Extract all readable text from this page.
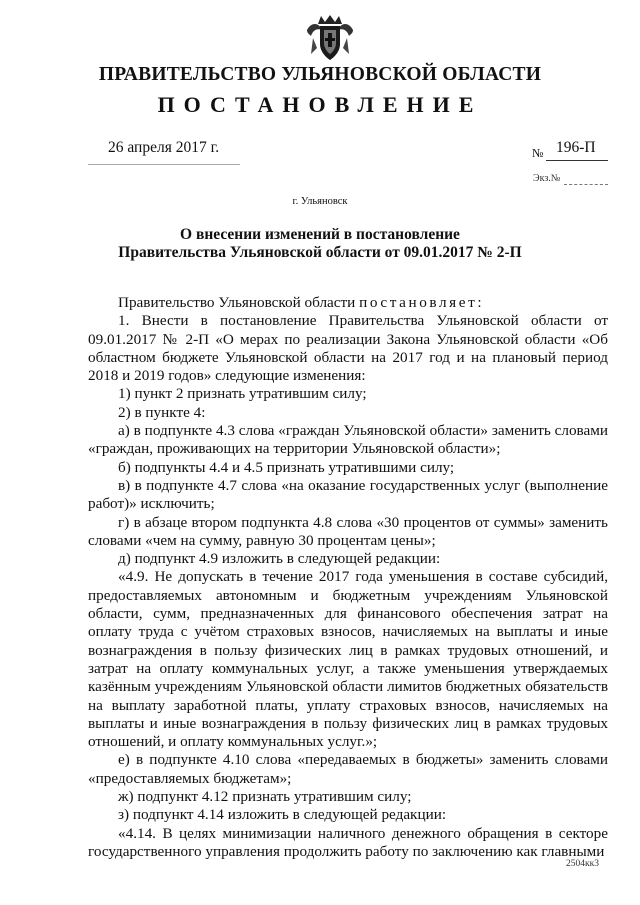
ПРАВИТЕЛЬСТВО УЛЬЯНОВСКОЙ ОБЛАСТИ
ПОСТАНОВЛЕНИЕ
26 апреля 2017 г.	№ 196-П
Экз.№
г. Ульяновск
О внесении изменений в постановление
Правительства Ульяновской области от 09.01.2017 № 2-П

Правительство Ульяновской области постановляет:

1. Внести в постановление Правительства Ульяновской области от 09.01.2017 № 2-П «О мерах по реализации Закона Ульяновской области «Об областном бюджете Ульяновской области на 2017 год и на плановый период 2018 и 2019 годов» следующие изменения:

1) пункт 2 признать утратившим силу;

2) в пункте 4:

а) в подпункте 4.3 слова «граждан Ульяновской области» заменить словами «граждан, проживающих на территории Ульяновской области»;

б) подпункты 4.4 и 4.5 признать утратившими силу;

в) в подпункте 4.7 слова «на оказание государственных услуг (выполнение работ)» исключить;

г) в абзаце втором подпункта 4.8 слова «30 процентов от суммы» заменить словами «чем на сумму, равную 30 процентам цены»;

д) подпункт 4.9 изложить в следующей редакции:

«4.9. Не допускать в течение 2017 года уменьшения в составе субсидий, предоставляемых автономным и бюджетным учреждениям Ульяновской области, сумм, предназначенных для финансового обеспечения затрат на оплату труда с учётом страховых взносов, начисляемых на выплаты и иные вознаграждения в пользу физических лиц в рамках трудовых отношений, и затрат на оплату коммунальных услуг, а также уменьшения утверждаемых казённым учреждениям Ульяновской области лимитов бюджетных обязательств на выплату заработной платы, уплату страховых взносов, начисляемых на выплаты и иные вознаграждения в пользу физических лиц в рамках трудовых отношений, и оплату коммунальных услуг.»;

е) в подпункте 4.10 слова «передаваемых в бюджеты» заменить словами «предоставляемых бюджетам»;

ж) подпункт 4.12 признать утратившим силу;

з) подпункт 4.14 изложить в следующей редакции:

«4.14. В целях минимизации наличного денежного обращения в секторе государственного управления продолжить работу по заключению как главными

2504кк3
